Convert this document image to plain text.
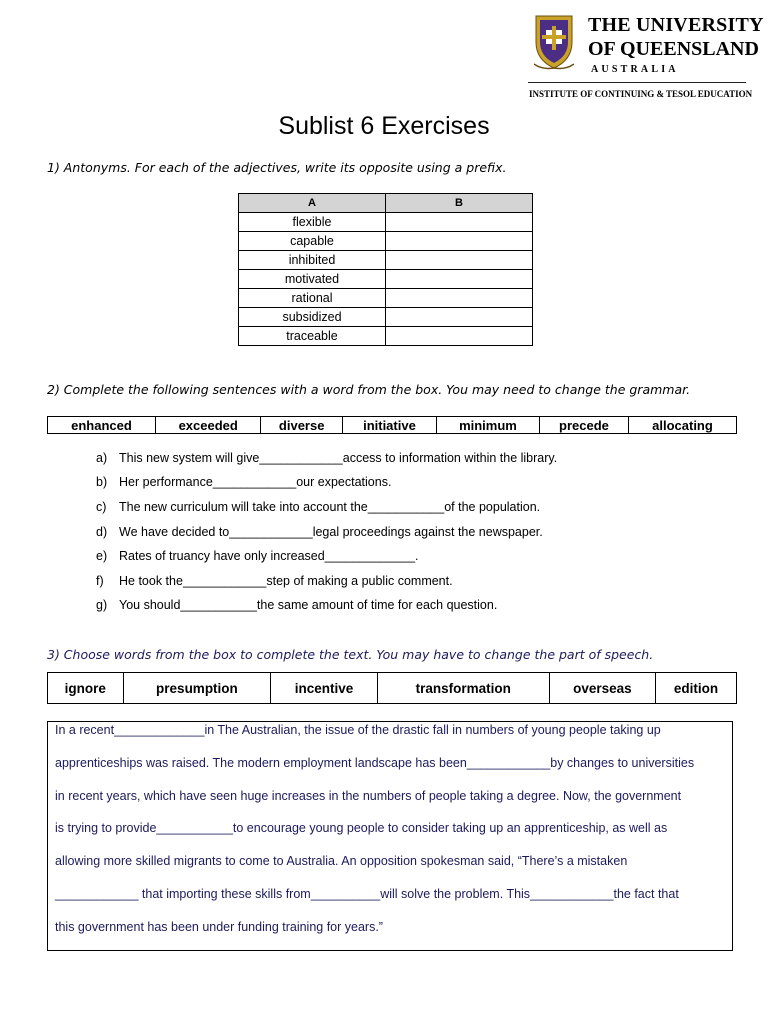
THE UNIVERSITY
OF QUEENSLAND
AUSTRALIA
INSTITUTE OF CONTINUING & TESOL EDUCATION
Sublist 6 Exercises
1) Antonyms. For each of the adjectives, write its opposite using a prefix.
A	B
flexible	
capable	
inhibited	
motivated	
rational	
subsidized	
traceable	
2) Complete the following sentences with a word from the box. You may need to change the grammar.
enhanced	exceeded	diverse	initiative	minimum	precede	allocating
a) This new system will give____________access to information within the library.
b) Her performance____________our expectations.
c) The new curriculum will take into account the___________of the population.
d) We have decided to____________legal proceedings against the newspaper.
e) Rates of truancy have only increased_____________.
f) He took the____________step of making a public comment.
g) You should___________the same amount of time for each question.
3) Choose words from the box to complete the text. You may have to change the part of speech.
ignore	presumption	incentive	transformation	overseas	edition
In a recent_____________in The Australian, the issue of the drastic fall in numbers of young people taking up
apprenticeships was raised. The modern employment landscape has been____________by changes to universities
in recent years, which have seen huge increases in the numbers of people taking a degree. Now, the government
is trying to provide___________to encourage young people to consider taking up an apprenticeship, as well as
allowing more skilled migrants to come to Australia. An opposition spokesman said, “There’s a mistaken
____________ that importing these skills from__________will solve the problem. This____________the fact that
this government has been under funding training for years.”
